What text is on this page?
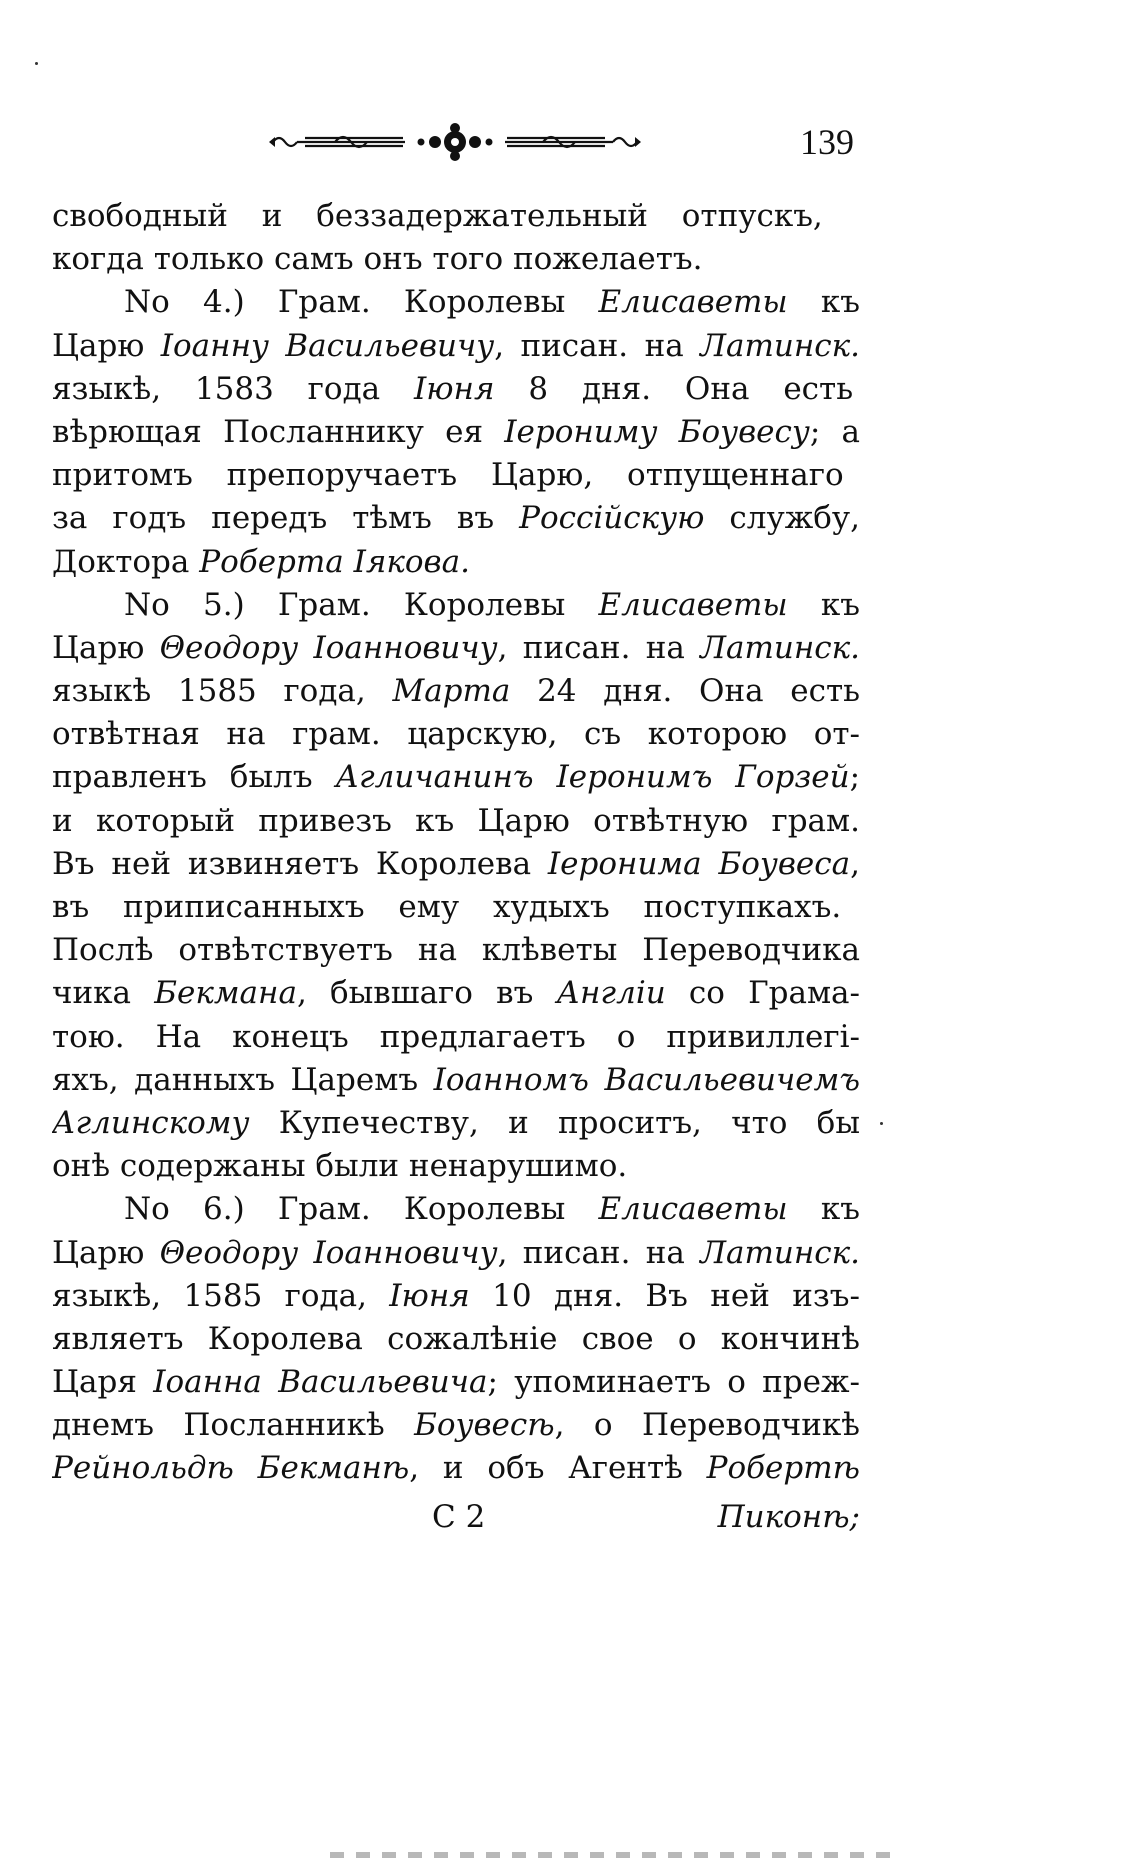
139
свободный и беззадержательный отпускъ,
когда только самъ онъ того пожелаетъ.
No 4.) Грам. Королевы Елисаветы къ
Царю Іоанну Васильевичу, писан. на Латинск.
языкѣ, 1583 года Іюня 8 дня. Она есть
вѣрющая Посланнику ея Іерониму Боувесу; а
притомъ препоручаетъ Царю, отпущеннаго
за годъ передъ тѣмъ въ Россійскую службу,
Доктора Роберта Іякова.
No 5.) Грам. Королевы Елисаветы къ
Царю Θеодору Іоанновичу, писан. на Латинск.
языкѣ 1585 года, Марта 24 дня. Она есть
отвѣтная на грам. царскую, съ которою от-
правленъ былъ Агличанинъ Іеронимъ Горзей;
и который привезъ къ Царю отвѣтную грам.
Въ ней извиняетъ Королева Іеронима Боувеса,
въ приписанныхъ ему худыхъ поступкахъ.
Послѣ отвѣтствуетъ на клѣветы Переводчика
чика Бекмана, бывшаго въ Англіи со Грама-
тою. На конецъ предлагаетъ о привиллегі-
яхъ, данныхъ Царемъ Іоанномъ Васильевичемъ
Аглинскому Купечеству, и проситъ, что бы
онѣ содержаны были ненарушимо.
No 6.) Грам. Королевы Елисаветы къ
Царю Θеодору Іоанновичу, писан. на Латинск.
языкѣ, 1585 года, Іюня 10 дня. Въ ней изъ-
являетъ Королева сожалѣніе свое о кончинѣ
Царя Іоанна Васильевича; упоминаетъ о преж-
днемъ Посланникѣ Боувесѣ, о Переводчикѣ
Рейнольдѣ Бекманѣ, и объ Агентѣ Робертѣ
С 2	Пиконѣ;
